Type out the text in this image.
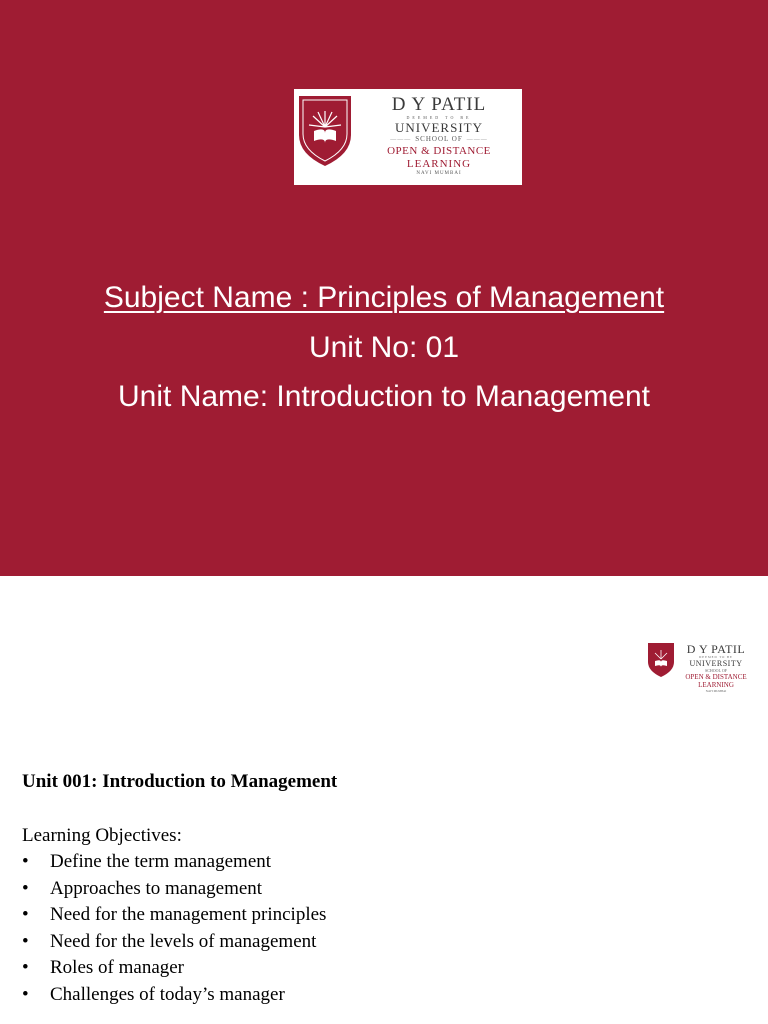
D Y PATIL
DEEMED TO BE
UNIVERSITY
——— SCHOOL OF ———
OPEN & DISTANCE
LEARNING
NAVI MUMBAI
Subject Name : Principles of Management
Unit No: 01
Unit Name: Introduction to Management
D Y PATIL
DEEMED TO BE
UNIVERSITY
SCHOOL OF
OPEN & DISTANCE
LEARNING
NAVI MUMBAI
Unit 001: Introduction to Management
Learning Objectives:
• Define the term management
• Approaches to management
• Need for the management principles
• Need for the levels of management
• Roles of manager
• Challenges of today’s manager
